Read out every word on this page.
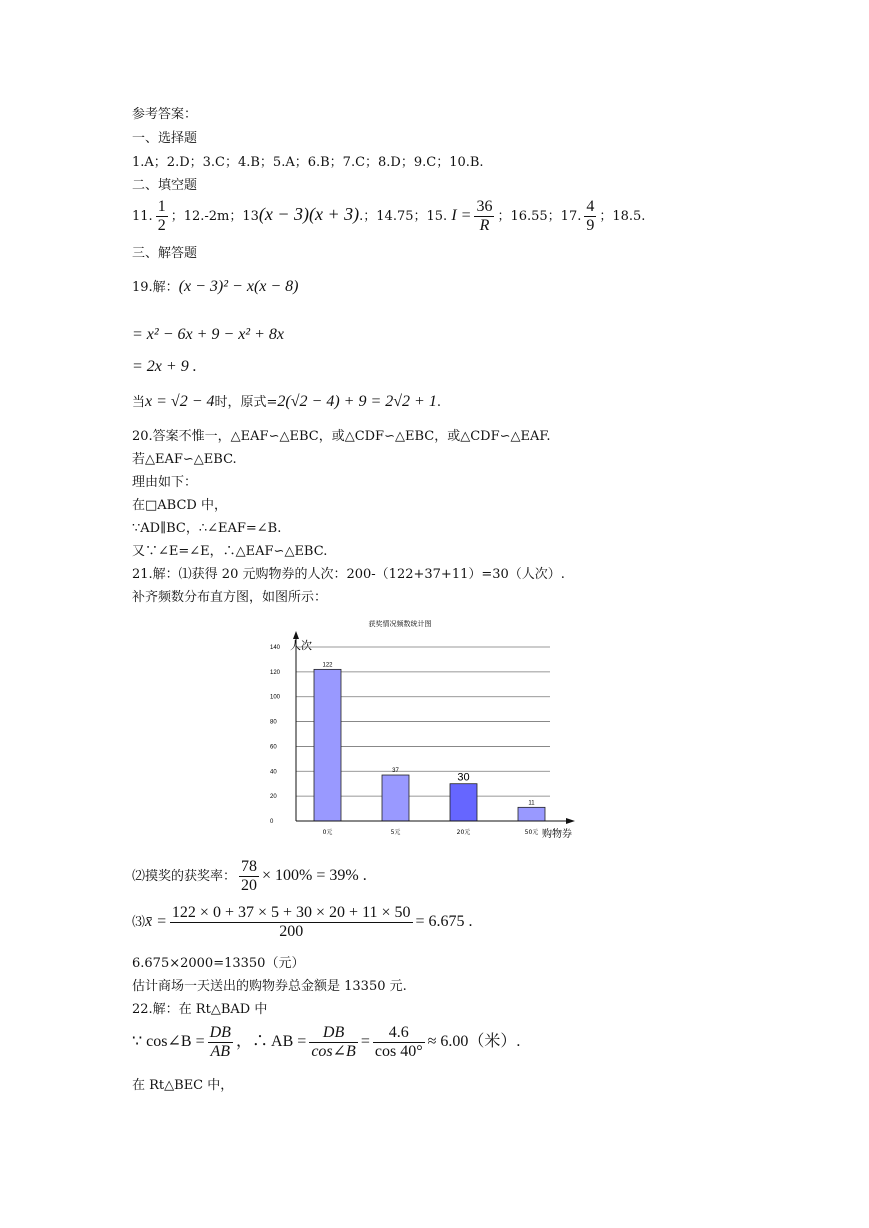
参考答案：
一、选择题
1.A；2.D；3.C；4.B；5.A；6.B；7.C；8.D；9.C；10.B.
二、填空题
11. $\frac{1}{2}$ ；12.-2m；13(x − 3)(x + 3).；14.75；15. $I = \frac{36}{R}$ ；16.55；17. $\frac{4}{9}$ ；18.5.
三、解答题
19.解：(x − 3)² − x(x − 8)
= x² − 6x + 9 − x² + 8x
= 2x + 9 .
当x = √2 − 4时，原式=2(√2 − 4) + 9 = 2√2 + 1.
20.答案不惟一，△EAF∽△EBC，或△CDF∽△EBC，或△CDF∽△EAF.
若△EAF∽△EBC.
理由如下：
在□ABCD 中，
∵AD∥BC，∴∠EAF=∠B.
又∵∠E=∠E，∴△EAF∽△EBC.
21.解：⑴获得 20 元购物券的人次：200-（122+37+11）=30（人次）.
补齐频数分布直方图，如图所示：
⑵摸奖的获奖率： $\frac{78}{20} \times 100\% = 39\%$ .
⑶x̄ = $\frac{122 \times 0 + 37 \times 5 + 30 \times 20 + 11 \times 50}{200} = 6.675$ .
6.675×2000=13350（元）
估计商场一天送出的购物券总金额是 13350 元.
22.解：在 Rt△BAD 中
∵ cos∠B = $\frac{DB}{AB}$ ，∴ AB = $\frac{DB}{\cos\angle B} = \frac{4.6}{\cos 40^\circ} \approx 6.00$（米）.
在 Rt△BEC 中，
获奖情况频数统计图
人次
购物券
0
20
40
60
80
100
120
140
122
0元
37
5元
30
20元
11
50元
